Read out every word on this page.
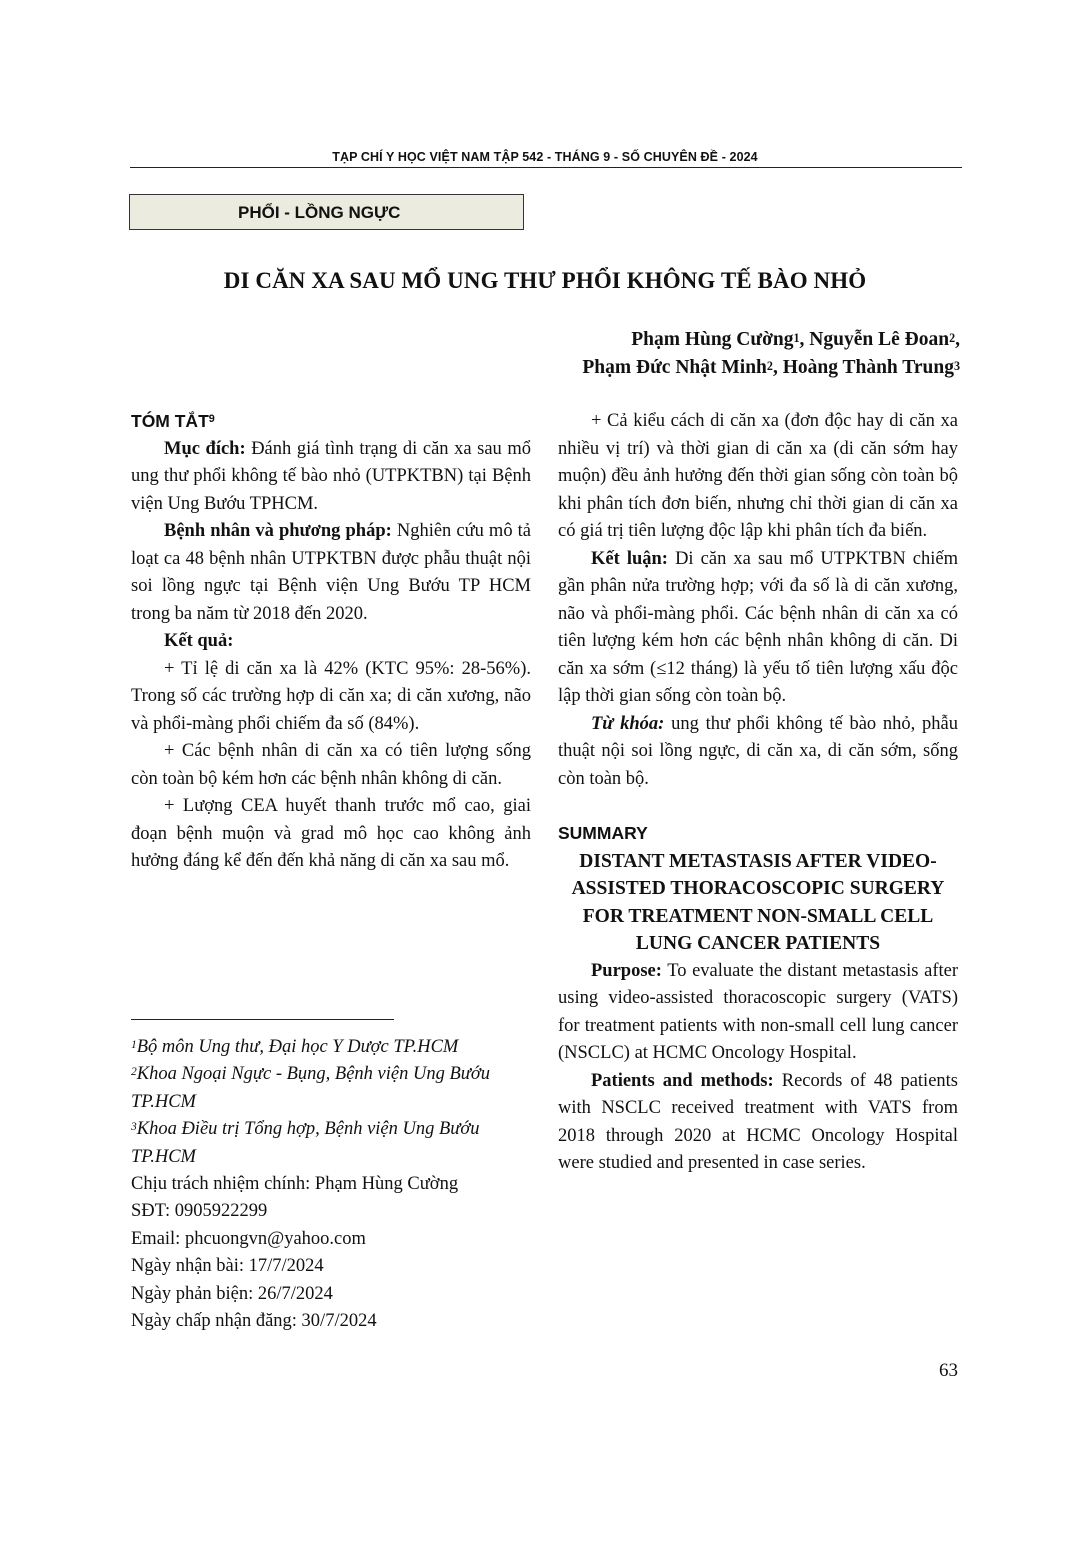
TẠP CHÍ Y HỌC VIỆT NAM TẬP 542 - THÁNG 9 - SỐ CHUYÊN ĐỀ - 2024
PHỔI - LỒNG NGỰC
DI CĂN XA SAU MỔ UNG THƯ PHỔI KHÔNG TẾ BÀO NHỎ
Phạm Hùng Cường$^1$, Nguyễn Lê Đoan$^2$,
Phạm Đức Nhật Minh$^2$, Hoàng Thành Trung$^3$

TÓM TẮT$^9$

Mục đích: Đánh giá tình trạng di căn xa sau mổ ung thư phổi không tế bào nhỏ (UTPKTBN) tại Bệnh viện Ung Bướu TPHCM.

Bệnh nhân và phương pháp: Nghiên cứu mô tả loạt ca 48 bệnh nhân UTPKTBN được phẫu thuật nội soi lồng ngực tại Bệnh viện Ung Bướu TP HCM trong ba năm từ 2018 đến 2020.

Kết quả:

+ Tỉ lệ di căn xa là 42% (KTC 95%: 28-56%). Trong số các trường hợp di căn xa; di căn xương, não và phổi-màng phổi chiếm đa số (84%).

+ Các bệnh nhân di căn xa có tiên lượng sống còn toàn bộ kém hơn các bệnh nhân không di căn.

+ Lượng CEA huyết thanh trước mổ cao, giai đoạn bệnh muộn và grad mô học cao không ảnh hưởng đáng kể đến đến khả năng di căn xa sau mổ.

$^1$Bộ môn Ung thư, Đại học Y Dược TP.HCM
$^2$Khoa Ngoại Ngực - Bụng, Bệnh viện Ung Bướu TP.HCM
$^3$Khoa Điều trị Tổng hợp, Bệnh viện Ung Bướu TP.HCM
Chịu trách nhiệm chính: Phạm Hùng Cường
SĐT: 0905922299
Email: phcuongvn@yahoo.com
Ngày nhận bài: 17/7/2024
Ngày phản biện: 26/7/2024
Ngày chấp nhận đăng: 30/7/2024

+ Cả kiểu cách di căn xa (đơn độc hay di căn xa nhiều vị trí) và thời gian di căn xa (di căn sớm hay muộn) đều ảnh hưởng đến thời gian sống còn toàn bộ khi phân tích đơn biến, nhưng chỉ thời gian di căn xa có giá trị tiên lượng độc lập khi phân tích đa biến.

Kết luận: Di căn xa sau mổ UTPKTBN chiếm gần phân nửa trường hợp; với đa số là di căn xương, não và phổi-màng phổi. Các bệnh nhân di căn xa có tiên lượng kém hơn các bệnh nhân không di căn. Di căn xa sớm (≤12 tháng) là yếu tố tiên lượng xấu độc lập thời gian sống còn toàn bộ.

Từ khóa: ung thư phổi không tế bào nhỏ, phẫu thuật nội soi lồng ngực, di căn xa, di căn sớm, sống còn toàn bộ.

SUMMARY

DISTANT METASTASIS AFTER VIDEO-ASSISTED THORACOSCOPIC SURGERY FOR TREATMENT NON-SMALL CELL LUNG CANCER PATIENTS

Purpose: To evaluate the distant metastasis after using video-assisted thoracoscopic surgery (VATS) for treatment patients with non-small cell lung cancer (NSCLC) at HCMC Oncology Hospital.

Patients and methods: Records of 48 patients with NSCLC received treatment with VATS from 2018 through 2020 at HCMC Oncology Hospital were studied and presented in case series.

63
